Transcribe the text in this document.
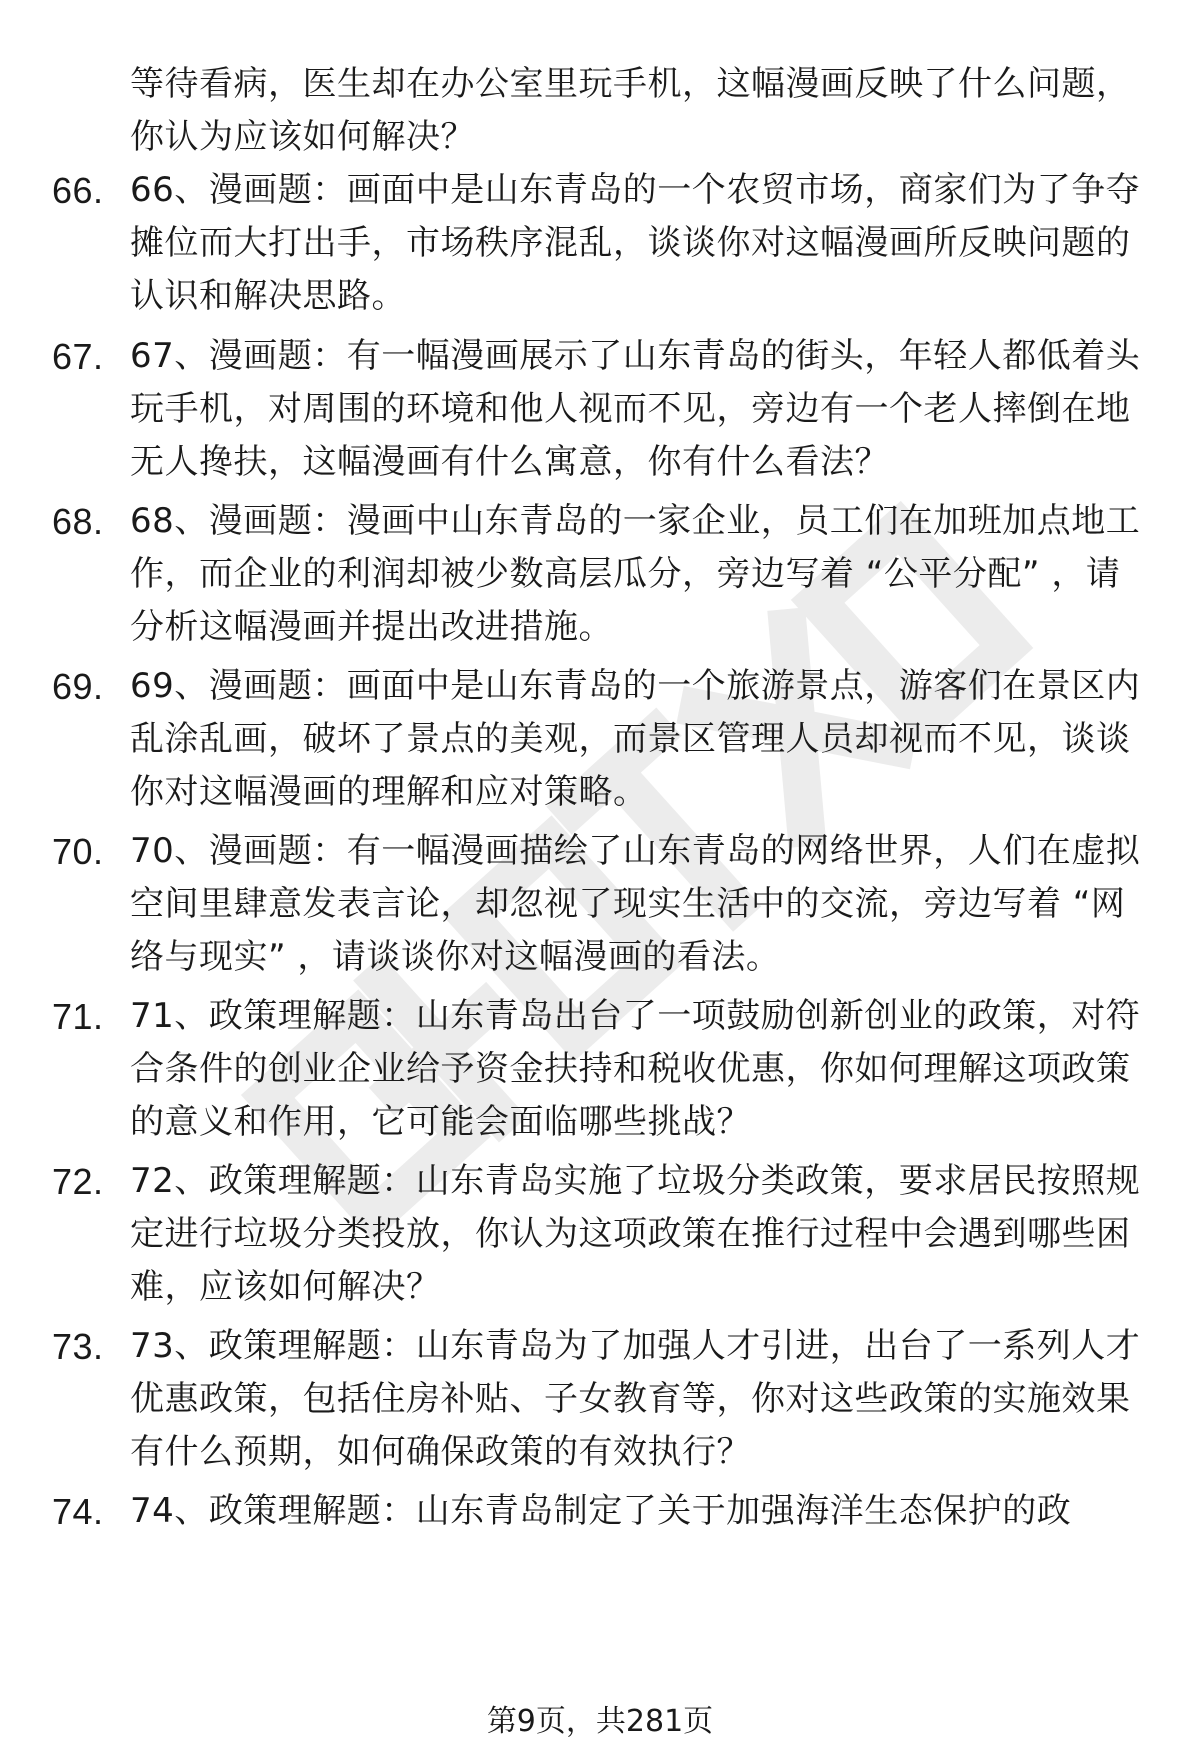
等待看病，医生却在办公室里玩手机，这幅漫画反映了什么问题，你认为应该如何解决？
66. 66、漫画题：画面中是山东青岛的一个农贸市场，商家们为了争夺摊位而大打出手，市场秩序混乱，谈谈你对这幅漫画所反映问题的认识和解决思路。
67. 67、漫画题：有一幅漫画展示了山东青岛的街头，年轻人都低着头玩手机，对周围的环境和他人视而不见，旁边有一个老人摔倒在地无人搀扶，这幅漫画有什么寓意，你有什么看法？
68. 68、漫画题：漫画中山东青岛的一家企业，员工们在加班加点地工作，而企业的利润却被少数高层瓜分，旁边写着 “公平分配” ，请分析这幅漫画并提出改进措施。
69. 69、漫画题：画面中是山东青岛的一个旅游景点，游客们在景区内乱涂乱画，破坏了景点的美观，而景区管理人员却视而不见，谈谈你对这幅漫画的理解和应对策略。
70. 70、漫画题：有一幅漫画描绘了山东青岛的网络世界，人们在虚拟空间里肆意发表言论，却忽视了现实生活中的交流，旁边写着 “网络与现实” ，请谈谈你对这幅漫画的看法。
71. 71、政策理解题：山东青岛出台了一项鼓励创新创业的政策，对符合条件的创业企业给予资金扶持和税收优惠，你如何理解这项政策的意义和作用，它可能会面临哪些挑战？
72. 72、政策理解题：山东青岛实施了垃圾分类政策，要求居民按照规定进行垃圾分类投放，你认为这项政策在推行过程中会遇到哪些困难，应该如何解决？
73. 73、政策理解题：山东青岛为了加强人才引进，出台了一系列人才优惠政策，包括住房补贴、子女教育等，你对这些政策的实施效果有什么预期，如何确保政策的有效执行？
74. 74、政策理解题：山东青岛制定了关于加强海洋生态保护的政
第9页，共281页
